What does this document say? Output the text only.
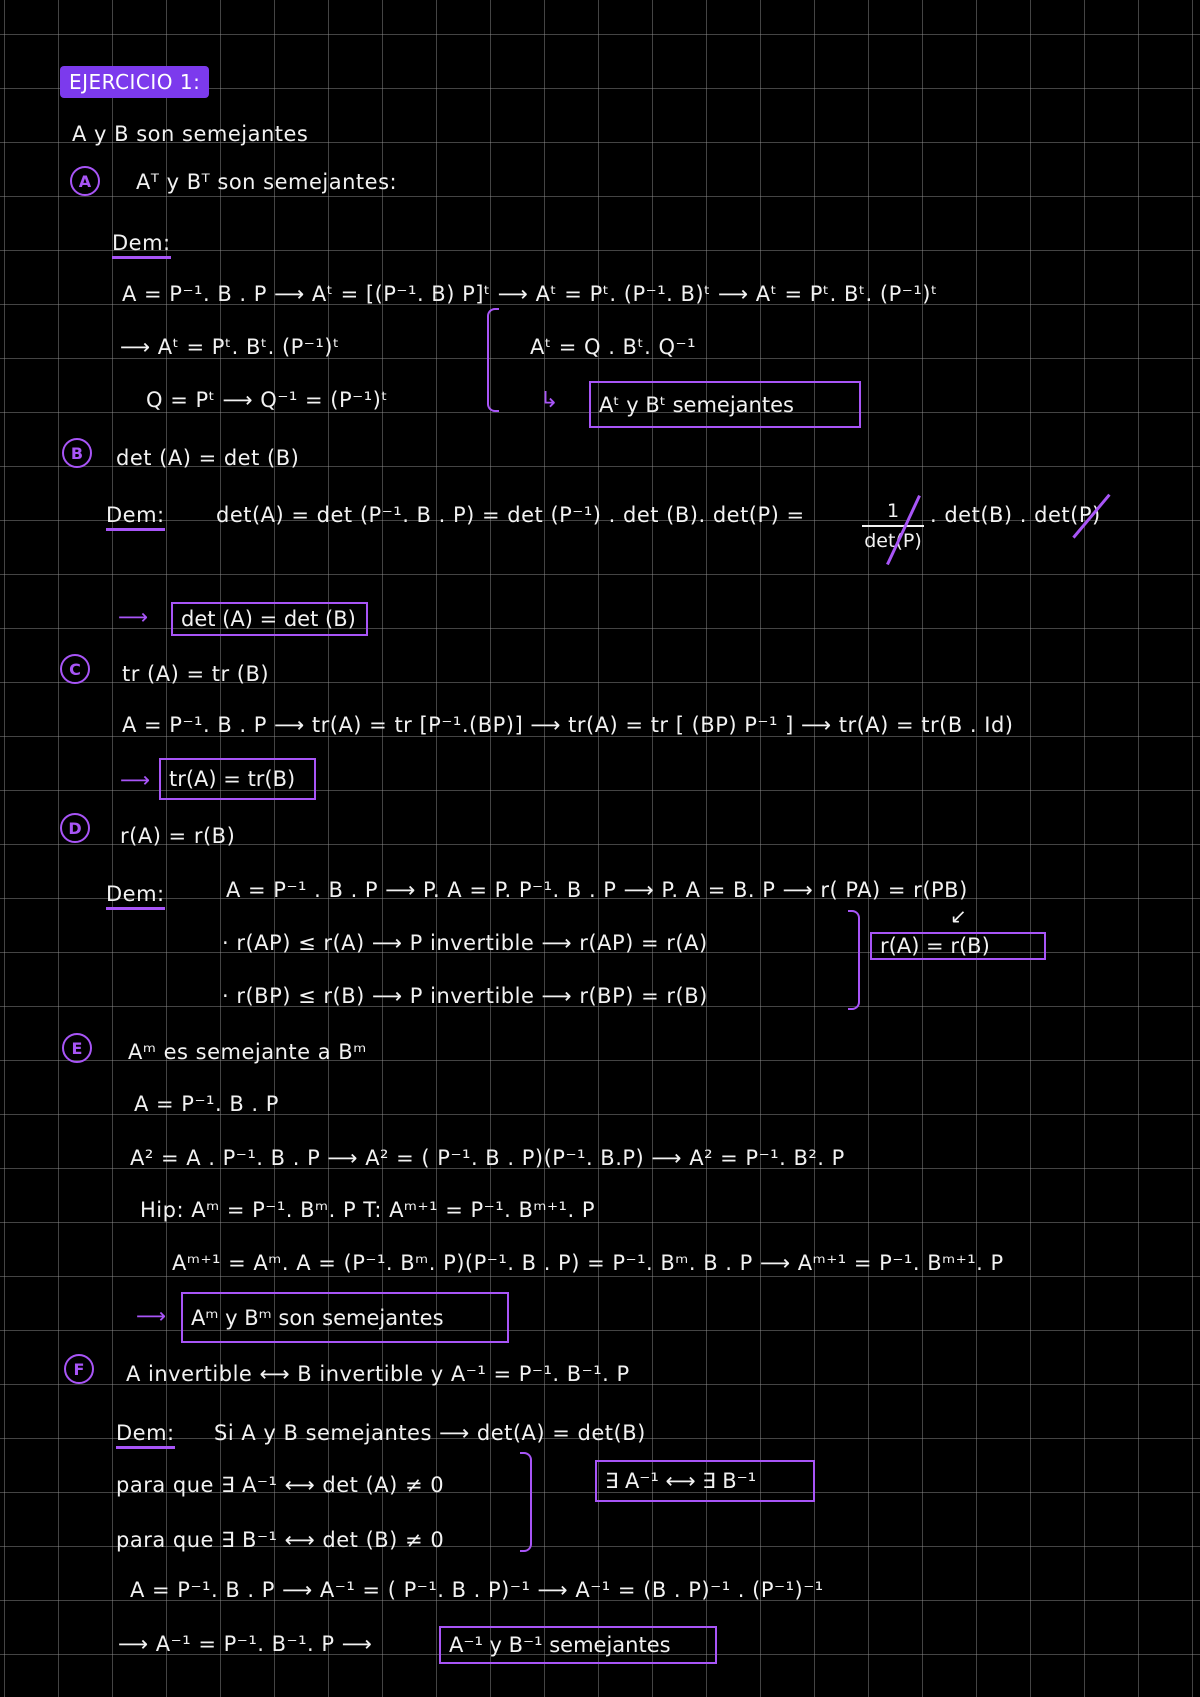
EJERCICIO 1:
A y B son semejantes
A	Aᵀ y Bᵀ son semejantes:
Dem:
A = P⁻¹. B . P ⟶ Aᵗ = [(P⁻¹. B) P]ᵗ ⟶ Aᵗ = Pᵗ. (P⁻¹. B)ᵗ ⟶ Aᵗ = Pᵗ. Bᵗ. (P⁻¹)ᵗ
⟶ Aᵗ = Pᵗ. Bᵗ. (P⁻¹)ᵗ
Q = Pᵗ ⟶ Q⁻¹ = (P⁻¹)ᵗ
Aᵗ = Q . Bᵗ. Q⁻¹
↳	Aᵗ y Bᵗ semejantes
B	det (A) = det (B)
Dem: det(A) = det (P⁻¹. B . P) = det (P⁻¹) . det (B). det(P) =	1
det(P)
. det(B) . det(P)
⟶	det (A) = det (B)
C	tr (A) = tr (B)
A = P⁻¹. B . P ⟶ tr(A) = tr [P⁻¹.(BP)] ⟶ tr(A) = tr [ (BP) P⁻¹ ] ⟶ tr(A) = tr(B . Id)
⟶ tr(A) = tr(B)
D	r(A) = r(B)
Dem:	A = P⁻¹ . B . P ⟶ P. A = P. P⁻¹. B . P ⟶ P. A = B. P ⟶ r( PA) = r(PB)
· r(AP) ≤ r(A) ⟶ P invertible ⟶ r(AP) = r(A)
· r(BP) ≤ r(B) ⟶ P invertible ⟶ r(BP) = r(B)
↙
r(A) = r(B)
E	Aᵐ es semejante a Bᵐ
A = P⁻¹. B . P
A² = A . P⁻¹. B . P ⟶ A² = ( P⁻¹. B . P)(P⁻¹. B.P) ⟶ A² = P⁻¹. B². P
Hip: Aᵐ = P⁻¹. Bᵐ. P T: Aᵐ⁺¹ = P⁻¹. Bᵐ⁺¹. P
Aᵐ⁺¹ = Aᵐ. A = (P⁻¹. Bᵐ. P)(P⁻¹. B . P) = P⁻¹. Bᵐ. B . P ⟶ Aᵐ⁺¹ = P⁻¹. Bᵐ⁺¹. P
⟶	Aᵐ y Bᵐ son semejantes
F	A invertible ⟷ B invertible y A⁻¹ = P⁻¹. B⁻¹. P
Dem: Si A y B semejantes ⟶ det(A) = det(B)
para que ∃ A⁻¹ ⟷ det (A) ≠ 0
para que ∃ B⁻¹ ⟷ det (B) ≠ 0
∃ A⁻¹ ⟷ ∃ B⁻¹
A = P⁻¹. B . P ⟶ A⁻¹ = ( P⁻¹. B . P)⁻¹ ⟶ A⁻¹ = (B . P)⁻¹ . (P⁻¹)⁻¹
⟶ A⁻¹ = P⁻¹. B⁻¹. P ⟶	A⁻¹ y B⁻¹ semejantes
